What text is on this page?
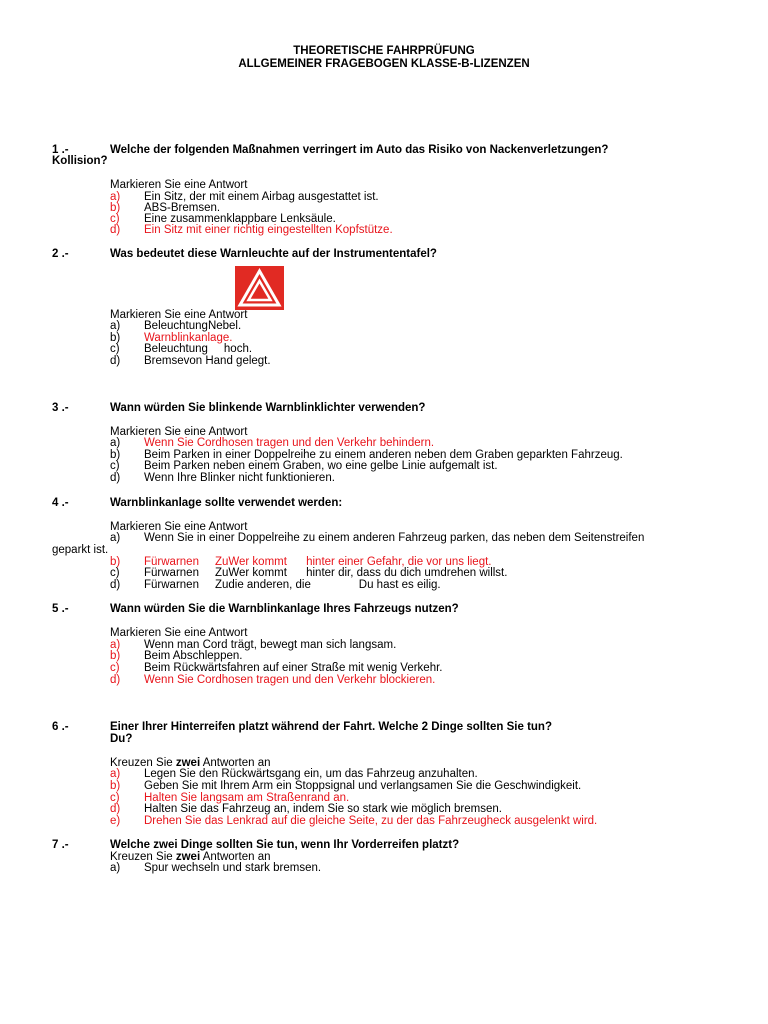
THEORETISCHE FAHRPRÜFUNG
ALLGEMEINER FRAGEBOGEN KLASSE-B-LIZENZEN
1 .-	Welche der folgenden Maßnahmen verringert im Auto das Risiko von Nackenverletzungen?
Kollision?
Markieren Sie eine Antwort
a) Ein Sitz, der mit einem Airbag ausgestattet ist.
b) ABS-Bremsen.
c) Eine zusammenklappbare Lenksäule.
d) Ein Sitz mit einer richtig eingestellten Kopfstütze.
2 .-	Was bedeutet diese Warnleuchte auf der Instrumententafel?
Markieren Sie eine Antwort
a) BeleuchtungNebel.
b) Warnblinkanlage.
c) Beleuchtung     hoch.
d) Bremsevon Hand gelegt.
3 .-	Wann würden Sie blinkende Warnblinklichter verwenden?
Markieren Sie eine Antwort
a) Wenn Sie Cordhosen tragen und den Verkehr behindern.
b) Beim Parken in einer Doppelreihe zu einem anderen neben dem Graben geparkten Fahrzeug.
c) Beim Parken neben einem Graben, wo eine gelbe Linie aufgemalt ist.
d) Wenn Ihre Blinker nicht funktionieren.
4 .-	Warnblinkanlage sollte verwendet werden:
Markieren Sie eine Antwort
a) Wenn Sie in einer Doppelreihe zu einem anderen Fahrzeug parken, das neben dem Seitenstreifen
geparkt ist.
b) Fürwarnen     ZuWer kommt      hinter einer Gefahr, die vor uns liegt.
c) Fürwarnen     ZuWer kommt      hinter dir, dass du dich umdrehen willst.
d) Fürwarnen     Zudie anderen, die               Du hast es eilig.
5 .-	Wann würden Sie die Warnblinkanlage Ihres Fahrzeugs nutzen?
Markieren Sie eine Antwort
a) Wenn man Cord trägt, bewegt man sich langsam.
b) Beim Abschleppen.
c) Beim Rückwärtsfahren auf einer Straße mit wenig Verkehr.
d) Wenn Sie Cordhosen tragen und den Verkehr blockieren.
6 .-	Einer Ihrer Hinterreifen platzt während der Fahrt. Welche 2 Dinge sollten Sie tun?
Du?
Kreuzen Sie zwei Antworten an
a) Legen Sie den Rückwärtsgang ein, um das Fahrzeug anzuhalten.
b) Geben Sie mit Ihrem Arm ein Stoppsignal und verlangsamen Sie die Geschwindigkeit.
c) Halten Sie langsam am Straßenrand an.
d) Halten Sie das Fahrzeug an, indem Sie so stark wie möglich bremsen.
e) Drehen Sie das Lenkrad auf die gleiche Seite, zu der das Fahrzeugheck ausgelenkt wird.
7 .-	Welche zwei Dinge sollten Sie tun, wenn Ihr Vorderreifen platzt?
Kreuzen Sie zwei Antworten an
a) Spur wechseln und stark bremsen.
